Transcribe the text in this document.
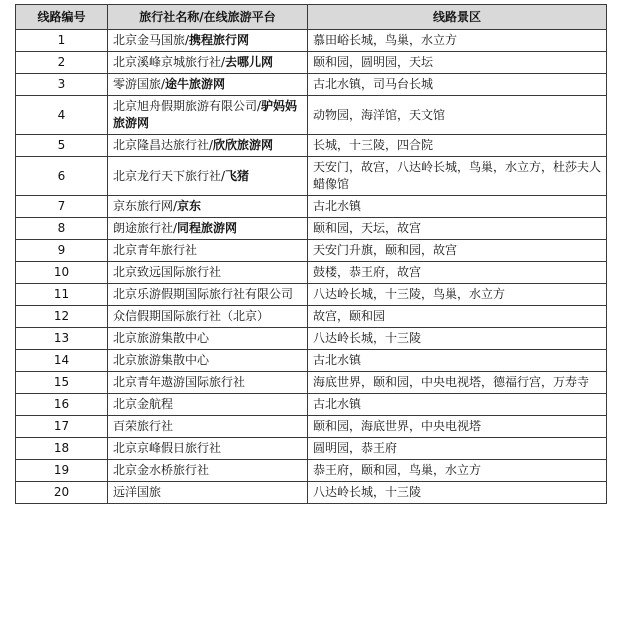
线路编号	旅行社名称/在线旅游平台	线路景区
1	北京金马国旅/携程旅行网	慕田峪长城，鸟巢，水立方
2	北京溪峰京城旅行社/去哪儿网	颐和园，圆明园，天坛
3	零游国旅/途牛旅游网	古北水镇，司马台长城
4	北京旭舟假期旅游有限公司/驴妈妈旅游网	动物园，海洋馆，天文馆
5	北京隆昌达旅行社/欣欣旅游网	长城，十三陵，四合院
6	北京龙行天下旅行社/飞猪	天安门，故宫，八达岭长城，鸟巢，水立方，杜莎夫人蜡像馆
7	京东旅行网/京东	古北水镇
8	朗途旅行社/同程旅游网	颐和园，天坛，故宫
9	北京青年旅行社	天安门升旗，颐和园，故宫
10	北京致远国际旅行社	鼓楼，恭王府，故宫
11	北京乐游假期国际旅行社有限公司	八达岭长城，十三陵，鸟巢，水立方
12	众信假期国际旅行社（北京）	故宫，颐和园
13	北京旅游集散中心	八达岭长城，十三陵
14	北京旅游集散中心	古北水镇
15	北京青年遨游国际旅行社	海底世界，颐和园，中央电视塔，德福行宫，万寿寺
16	北京金航程	古北水镇
17	百荣旅行社	颐和园，海底世界，中央电视塔
18	北京京峰假日旅行社	圆明园，恭王府
19	北京金水桥旅行社	恭王府，颐和园，鸟巢，水立方
20	远洋国旅	八达岭长城，十三陵
